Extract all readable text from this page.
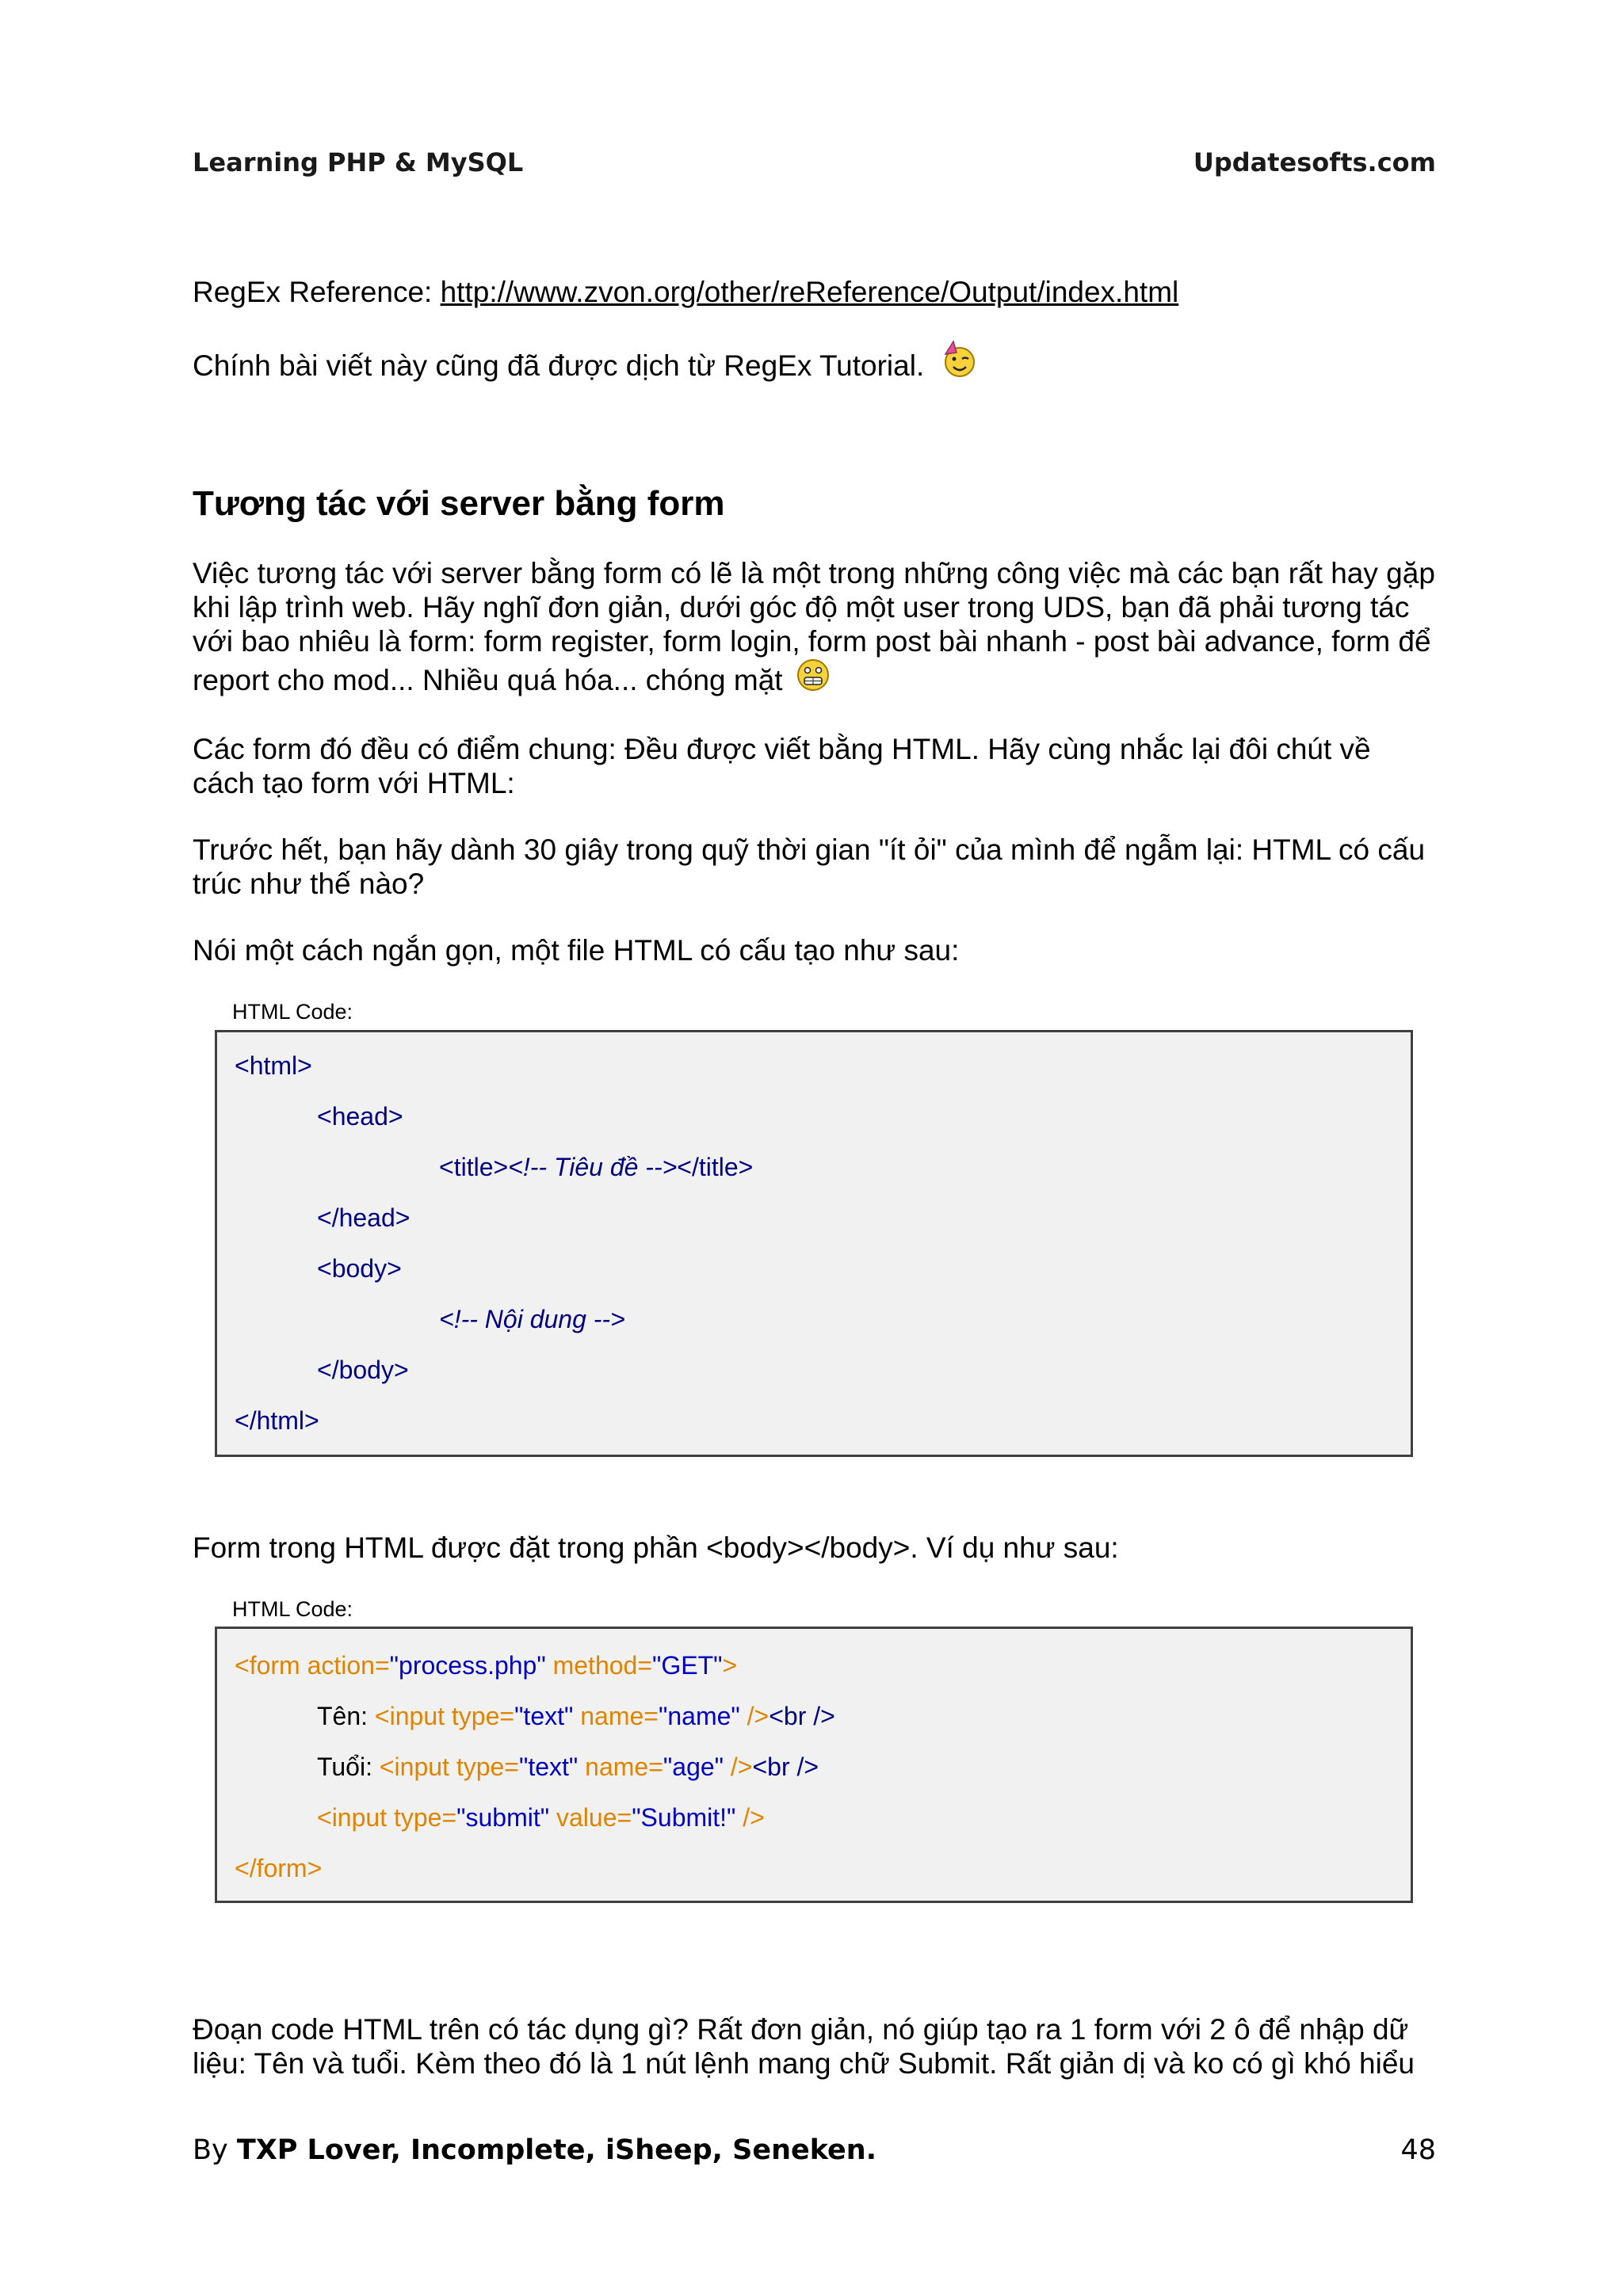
Learning PHP & MySQL	Updatesofts.com

RegEx Reference: http://www.zvon.org/other/reReference/Output/index.html

Chính bài viết này cũng đã được dịch từ RegEx Tutorial.

Tương tác với server bằng form
Việc tương tác với server bằng form có lẽ là một trong những công việc mà các bạn rất hay gặp
khi lập trình web. Hãy nghĩ đơn giản, dưới góc độ một user trong UDS, bạn đã phải tương tác
với bao nhiêu là form: form register, form login, form post bài nhanh - post bài advance, form để
report cho mod... Nhiều quá hóa... chóng mặt
Các form đó đều có điểm chung: Đều được viết bằng HTML. Hãy cùng nhắc lại đôi chút về
cách tạo form với HTML:
Trước hết, bạn hãy dành 30 giây trong quỹ thời gian "ít ỏi" của mình để ngẫm lại: HTML có cấu
trúc như thế nào?
Nói một cách ngắn gọn, một file HTML có cấu tạo như sau:
HTML Code:
<html>
<head>
<title><!-- Tiêu đề --></title>
</head>
<body>
<!-- Nội dung -->
</body>
</html>
Form trong HTML được đặt trong phần <body></body>. Ví dụ như sau:
HTML Code:
<form action="process.php" method="GET">
Tên: <input type="text" name="name" /><br />
Tuổi: <input type="text" name="age" /><br />
<input type="submit" value="Submit!" />
</form>
Đoạn code HTML trên có tác dụng gì? Rất đơn giản, nó giúp tạo ra 1 form với 2 ô để nhập dữ
liệu: Tên và tuổi. Kèm theo đó là 1 nút lệnh mang chữ Submit. Rất giản dị và ko có gì khó hiểu
By TXP Lover, Incomplete, iSheep, Seneken.	48
